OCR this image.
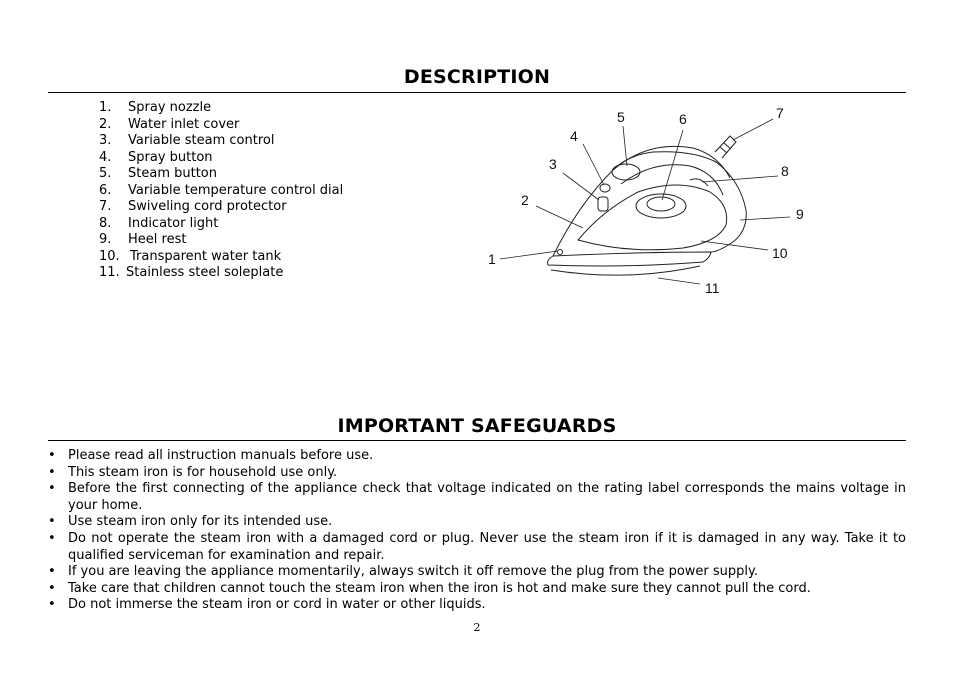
DESCRIPTION
1. Spray nozzle
2. Water inlet cover
3. Variable steam control
4. Spray button
5. Steam button
6. Variable temperature control dial
7. Swiveling cord protector
8. Indicator light
9. Heel rest
10. Transparent water tank
11. Stainless steel soleplate
1
2
3
4
5	6	7
8
9
10
11
IMPORTANT SAFEGUARDS
• Please read all instruction manuals before use.
• This steam iron is for household use only.
• Before the first connecting of the appliance check that voltage indicated on the rating label corresponds the mains voltage in your home.
• Use steam iron only for its intended use.
• Do not operate the steam iron with a damaged cord or plug. Never use the steam iron if it is damaged in any way. Take it to qualified serviceman for examination and repair.
• If you are leaving the appliance momentarily, always switch it off remove the plug from the power supply.
• Take care that children cannot touch the steam iron when the iron is hot and make sure they cannot pull the cord.
• Do not immerse the steam iron or cord in water or other liquids.
2
